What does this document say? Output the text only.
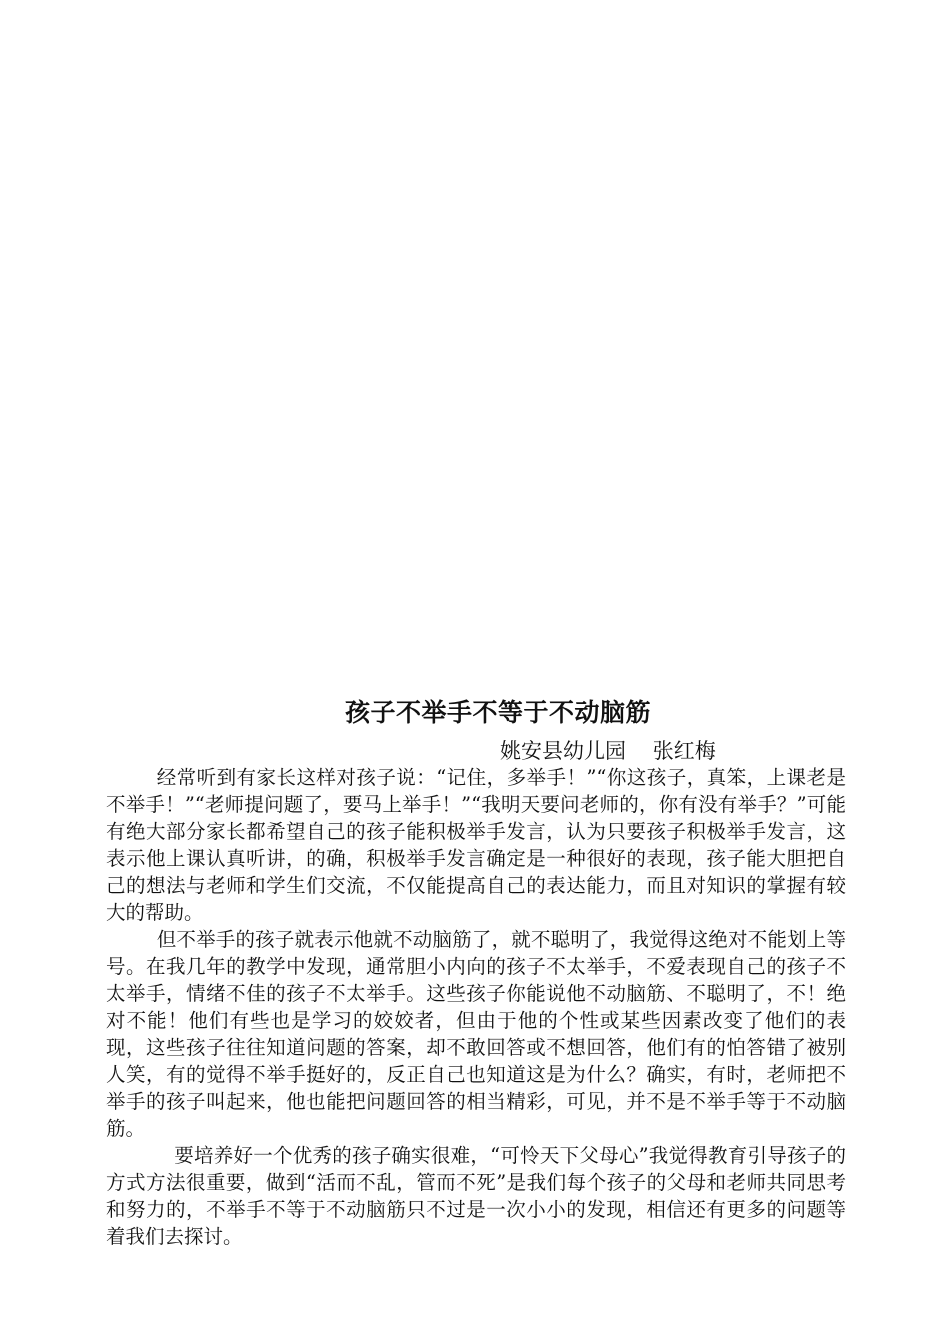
孩子不举手不等于不动脑筋
姚安县幼儿园    张红梅

经常听到有家长这样对孩子说：“记住，多举手！”“你这孩子，真笨，上课老是不举手！”“老师提问题了，要马上举手！”“我明天要问老师的，你有没有举手？”可能有绝大部分家长都希望自己的孩子能积极举手发言，认为只要孩子积极举手发言，这表示他上课认真听讲，的确，积极举手发言确定是一种很好的表现，孩子能大胆把自己的想法与老师和学生们交流，不仅能提高自己的表达能力，而且对知识的掌握有较大的帮助。

但不举手的孩子就表示他就不动脑筋了，就不聪明了，我觉得这绝对不能划上等号。在我几年的教学中发现，通常胆小内向的孩子不太举手，不爱表现自己的孩子不太举手，情绪不佳的孩子不太举手。这些孩子你能说他不动脑筋、不聪明了，不！绝对不能！他们有些也是学习的姣姣者，但由于他的个性或某些因素改变了他们的表现，这些孩子往往知道问题的答案，却不敢回答或不想回答，他们有的怕答错了被别人笑，有的觉得不举手挺好的，反正自己也知道这是为什么？确实，有时，老师把不举手的孩子叫起来，他也能把问题回答的相当精彩，可见，并不是不举手等于不动脑筋。

要培养好一个优秀的孩子确实很难，“可怜天下父母心”我觉得教育引导孩子的方式方法很重要，做到“活而不乱，管而不死”是我们每个孩子的父母和老师共同思考和努力的，不举手不等于不动脑筋只不过是一次小小的发现，相信还有更多的问题等着我们去探讨。
